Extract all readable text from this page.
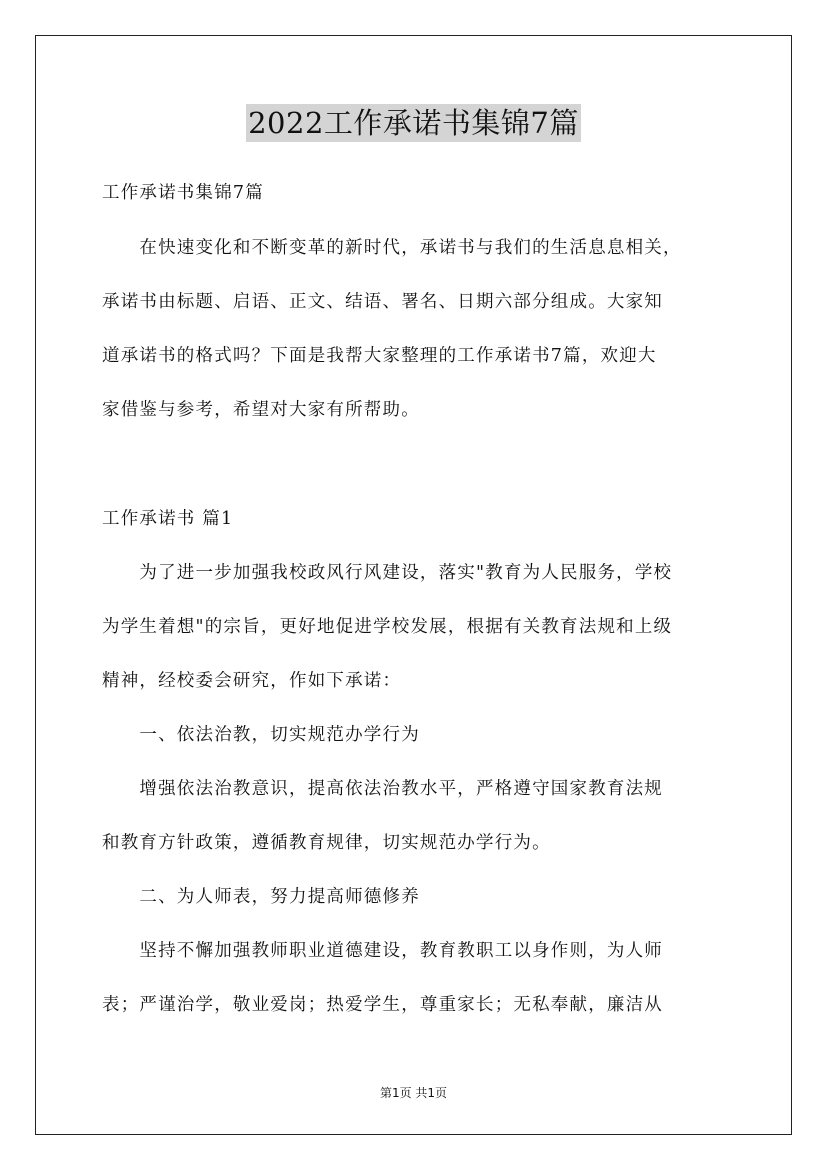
2022工作承诺书集锦7篇
工作承诺书集锦7篇
　　在快速变化和不断变革的新时代，承诺书与我们的生活息息相关，
承诺书由标题、启语、正文、结语、署名、日期六部分组成。大家知
道承诺书的格式吗？下面是我帮大家整理的工作承诺书7篇，欢迎大
家借鉴与参考，希望对大家有所帮助。
工作承诺书 篇1
　　为了进一步加强我校政风行风建设，落实"教育为人民服务，学校
为学生着想"的宗旨，更好地促进学校发展，根据有关教育法规和上级
精神，经校委会研究，作如下承诺：
　　一、依法治教，切实规范办学行为
　　增强依法治教意识，提高依法治教水平，严格遵守国家教育法规
和教育方针政策，遵循教育规律，切实规范办学行为。
　　二、为人师表，努力提高师德修养
　　坚持不懈加强教师职业道德建设，教育教职工以身作则，为人师
表；严谨治学，敬业爱岗；热爱学生，尊重家长；无私奉献，廉洁从
第1页 共1页
